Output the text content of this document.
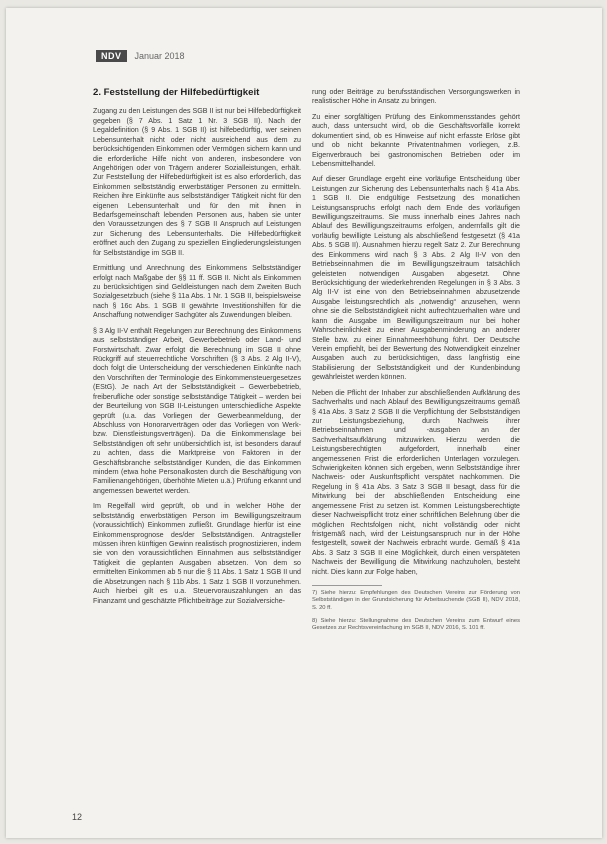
NDV	Januar 2018
2. Feststellung der Hilfebedürftigkeit

Zugang zu den Leistungen des SGB II ist nur bei Hilfebedürftigkeit gegeben (§ 7 Abs. 1 Satz 1 Nr. 3 SGB II). Nach der Legaldefinition (§ 9 Abs. 1 SGB II) ist hilfebedürftig, wer seinen Lebensunterhalt nicht oder nicht ausreichend aus dem zu berücksichtigenden Einkommen oder Vermögen sichern kann und die erforderliche Hilfe nicht von anderen, insbesondere von Angehörigen oder von Trägern anderer Sozialleistungen, erhält. Zur Feststellung der Hilfebedürftigkeit ist es also erforderlich, das Einkommen selbstständig erwerbstätiger Personen zu ermitteln. Reichen ihre Einkünfte aus selbstständiger Tätigkeit nicht für den eigenen Lebensunterhalt und für den mit ihnen in Bedarfsgemeinschaft lebenden Personen aus, haben sie unter den Voraussetzungen des § 7 SGB II Anspruch auf Leistungen zur Sicherung des Lebensunterhalts. Die Hilfebedürftigkeit eröffnet auch den Zugang zu speziellen Eingliederungsleistungen für Selbstständige im SGB II.

Ermittlung und Anrechnung des Einkommens Selbstständiger erfolgt nach Maßgabe der §§ 11 ff. SGB II. Nicht als Einkommen zu berücksichtigen sind Geldleistungen nach dem Zweiten Buch Sozialgesetzbuch (siehe § 11a Abs. 1 Nr. 1 SGB II, beispielsweise nach § 16c Abs. 1 SGB II gewährte Investitionshilfen für die Anschaffung notwendiger Sachgüter als Zuwendungen bleiben.

§ 3 Alg II-V enthält Regelungen zur Berechnung des Einkommens aus selbstständiger Arbeit, Gewerbebetrieb oder Land- und Forstwirtschaft. Zwar erfolgt die Berechnung im SGB II ohne Rückgriff auf steuerrechtliche Vorschriften (§ 3 Abs. 2 Alg II-V), doch folgt die Unterscheidung der verschiedenen Einkünfte nach den Vorschriften der Terminologie des Einkommensteuergesetzes (EStG). Je nach Art der Selbstständigkeit – Gewerbebetrieb, freiberufliche oder sonstige selbstständige Tätigkeit – werden bei der Beurteilung von SGB II-Leistungen unterschiedliche Aspekte geprüft (u.a. das Vorliegen der Gewerbeanmeldung, der Abschluss von Honorarverträgen oder das Vorliegen von Werk- bzw. Dienstleistungsverträgen). Da die Einkommenslage bei Selbstständigen oft sehr unübersichtlich ist, ist besonders darauf zu achten, dass die Marktpreise von Faktoren in der Geschäftsbranche selbstständiger Kunden, die das Einkommen mindern (etwa hohe Personalkosten durch die Beschäftigung von Familienangehörigen, überhöhte Mieten u.ä.) Prüfung erkannt und angemessen bewertet werden.

Im Regelfall wird geprüft, ob und in welcher Höhe der selbstständig erwerbstätigen Person im Bewilligungszeitraum (voraussichtlich) Einkommen zufließt. Grundlage hierfür ist eine Einkommensprognose des/der Selbstständigen. Antragsteller müssen ihren künftigen Gewinn realistisch prognostizieren, indem sie von den voraussichtlichen Einnahmen aus selbstständiger Tätigkeit die geplanten Ausgaben absetzen. Von dem so ermittelten Einkommen ab 5 nur die § 11 Abs. 1 Satz 1 SGB II und die Absetzungen nach § 11b Abs. 1 Satz 1 SGB II vorzunehmen. Auch hierbei gilt es u.a. Steuervorauszahlungen an das Finanzamt und geschätzte Pflichtbeiträge zur Sozialversiche-

rung oder Beiträge zu berufsständischen Versorgungswerken in realistischer Höhe in Ansatz zu bringen.

Zu einer sorgfältigen Prüfung des Einkommensstandes gehört auch, dass untersucht wird, ob die Geschäftsvorfälle korrekt dokumentiert sind, ob es Hinweise auf nicht erfasste Erlöse gibt und ob nicht bekannte Privatentnahmen vorliegen, z.B. Eigenverbrauch bei gastronomischen Betrieben oder im Lebensmittelhandel.

Auf dieser Grundlage ergeht eine vorläufige Entscheidung über Leistungen zur Sicherung des Lebensunterhalts nach § 41a Abs. 1 SGB II. Die endgültige Festsetzung des monatlichen Leistungsanspruchs erfolgt nach dem Ende des vorläufigen Bewilligungszeitraums. Sie muss innerhalb eines Jahres nach Ablauf des Bewilligungszeitraums erfolgen, andernfalls gilt die vorläufig bewilligte Leistung als abschließend festgesetzt (§ 41a Abs. 5 SGB II). Ausnahmen hierzu regelt Satz 2. Zur Berechnung des Einkommens wird nach § 3 Abs. 2 Alg II-V von den Betriebseinnahmen die im Bewilligungszeitraum tatsächlich geleisteten notwendigen Ausgaben abgesetzt. Ohne Berücksichtigung der wiederkehrenden Regelungen in § 3 Abs. 3 Alg II-V ist eine von den Betriebseinnahmen abzusetzende Ausgabe leistungsrechtlich als „notwendig“ anzusehen, wenn ohne sie die Selbstständigkeit nicht aufrechtzuerhalten wäre und kann die Ausgabe im Bewilligungszeitraum nur bei hoher Wahrscheinlichkeit zu einer Ausgabenminderung an anderer Stelle bzw. zu einer Einnahmeerhöhung führt. Der Deutsche Verein empfiehlt, bei der Bewertung des Notwendigkeit einzelner Ausgaben auch zu berücksichtigen, dass langfristig eine Stabilisierung der Selbstständigkeit und der Kundenbindung gewährleistet werden können.

Neben die Pflicht der Inhaber zur abschließenden Aufklärung des Sachverhalts und nach Ablauf des Bewilligungszeitraums gemäß § 41a Abs. 3 Satz 2 SGB II die Verpflichtung der Selbstständigen zur Leistungsbeziehung, durch Nachweis ihrer Betriebseinnahmen und -ausgaben an der Sachverhaltsaufklärung mitzuwirken. Hierzu werden die Leistungsberechtigten aufgefordert, innerhalb einer angemessenen Frist die erforderlichen Unterlagen vorzulegen. Schwierigkeiten können sich ergeben, wenn Selbstständige ihrer Nachweis- oder Auskunftspflicht verspätet nachkommen. Die Regelung in § 41a Abs. 3 Satz 3 SGB II besagt, dass für die Mitwirkung bei der abschließenden Entscheidung eine angemessene Frist zu setzen ist. Kommen Leistungsberechtigte dieser Nachweispflicht trotz einer schriftlichen Belehrung über die möglichen Rechtsfolgen nicht, nicht vollständig oder nicht fristgemäß nach, wird der Leistungsanspruch nur in der Höhe festgestellt, soweit der Nachweis erbracht wurde. Gemäß § 41a Abs. 3 Satz 3 SGB II eine Möglichkeit, durch einen verspäteten Nachweis der Bewilligung die Mitwirkung nachzuholen, besteht nicht. Dies kann zur Folge haben,

7) Siehe hierzu: Empfehlungen des Deutschen Vereins zur Förderung von Selbstständigen in der Grundsicherung für Arbeitsuchende (SGB II), NDV 2018, S. 20 ff.

8) Siehe hierzu: Stellungnahme des Deutschen Vereins zum Entwurf eines Gesetzes zur Rechtsvereinfachung im SGB II, NDV 2016, S. 101 ff.

12
